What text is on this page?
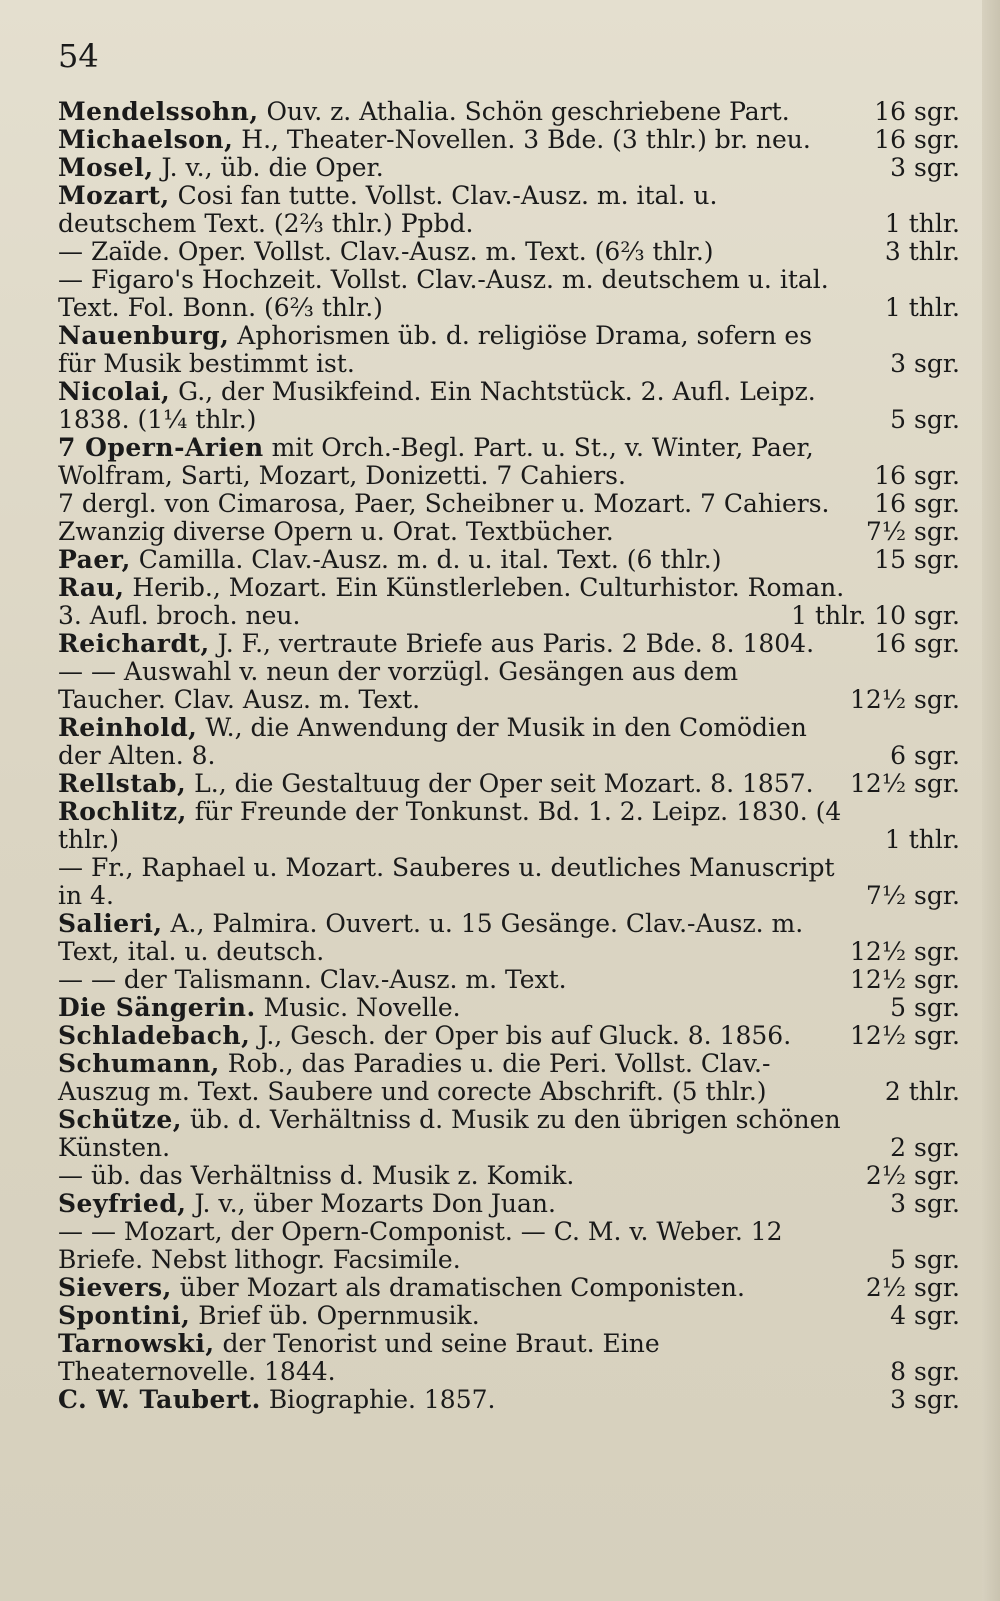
54
Mendelssohn, Ouv. z. Athalia. Schön geschriebene Part.	16 sgr.
Michaelson, H., Theater-Novellen. 3 Bde. (3 thlr.) br. neu.	16 sgr.
Mosel, J. v., üb. die Oper.	3 sgr.
Mozart, Cosi fan tutte. Vollst. Clav.-Ausz. m. ital. u. deutschem Text. (2⅔ thlr.) Ppbd.	1 thlr.
— Zaïde. Oper. Vollst. Clav.-Ausz. m. Text. (6⅔ thlr.)	3 thlr.
— Figaro's Hochzeit. Vollst. Clav.-Ausz. m. deutschem u. ital. Text. Fol. Bonn. (6⅔ thlr.)	1 thlr.
Nauenburg, Aphorismen üb. d. religiöse Drama, sofern es für Musik bestimmt ist.	3 sgr.
Nicolai, G., der Musikfeind. Ein Nachtstück. 2. Aufl. Leipz. 1838. (1¼ thlr.)	5 sgr.
7 Opern-Arien mit Orch.-Begl. Part. u. St., v. Winter, Paer, Wolfram, Sarti, Mozart, Donizetti. 7 Cahiers.	16 sgr.
7 dergl. von Cimarosa, Paer, Scheibner u. Mozart. 7 Cahiers.	16 sgr.
Zwanzig diverse Opern u. Orat. Textbücher.	7½ sgr.
Paer, Camilla. Clav.-Ausz. m. d. u. ital. Text. (6 thlr.)	15 sgr.
Rau, Herib., Mozart. Ein Künstlerleben. Culturhistor. Roman. 3. Aufl. broch. neu.	1 thlr. 10 sgr.
Reichardt, J. F., vertraute Briefe aus Paris. 2 Bde. 8. 1804.	16 sgr.
— — Auswahl v. neun der vorzügl. Gesängen aus dem Taucher. Clav. Ausz. m. Text.	12½ sgr.
Reinhold, W., die Anwendung der Musik in den Comödien der Alten. 8.	6 sgr.
Rellstab, L., die Gestaltuug der Oper seit Mozart. 8. 1857.	12½ sgr.
Rochlitz, für Freunde der Tonkunst. Bd. 1. 2. Leipz. 1830. (4 thlr.)	1 thlr.
— Fr., Raphael u. Mozart. Sauberes u. deutliches Manuscript in 4.	7½ sgr.
Salieri, A., Palmira. Ouvert. u. 15 Gesänge. Clav.-Ausz. m. Text, ital. u. deutsch.	12½ sgr.
— — der Talismann. Clav.-Ausz. m. Text.	12½ sgr.
Die Sängerin. Music. Novelle.	5 sgr.
Schladebach, J., Gesch. der Oper bis auf Gluck. 8. 1856.	12½ sgr.
Schumann, Rob., das Paradies u. die Peri. Vollst. Clav.-Auszug m. Text. Saubere und corecte Abschrift. (5 thlr.)	2 thlr.
Schütze, üb. d. Verhältniss d. Musik zu den übrigen schönen Künsten.	2 sgr.
— üb. das Verhältniss d. Musik z. Komik.	2½ sgr.
Seyfried, J. v., über Mozarts Don Juan.	3 sgr.
— — Mozart, der Opern-Componist. — C. M. v. Weber. 12 Briefe. Nebst lithogr. Facsimile.	5 sgr.
Sievers, über Mozart als dramatischen Componisten.	2½ sgr.
Spontini, Brief üb. Opernmusik.	4 sgr.
Tarnowski, der Tenorist und seine Braut. Eine Theaternovelle. 1844.	8 sgr.
C. W. Taubert. Biographie. 1857.	3 sgr.
